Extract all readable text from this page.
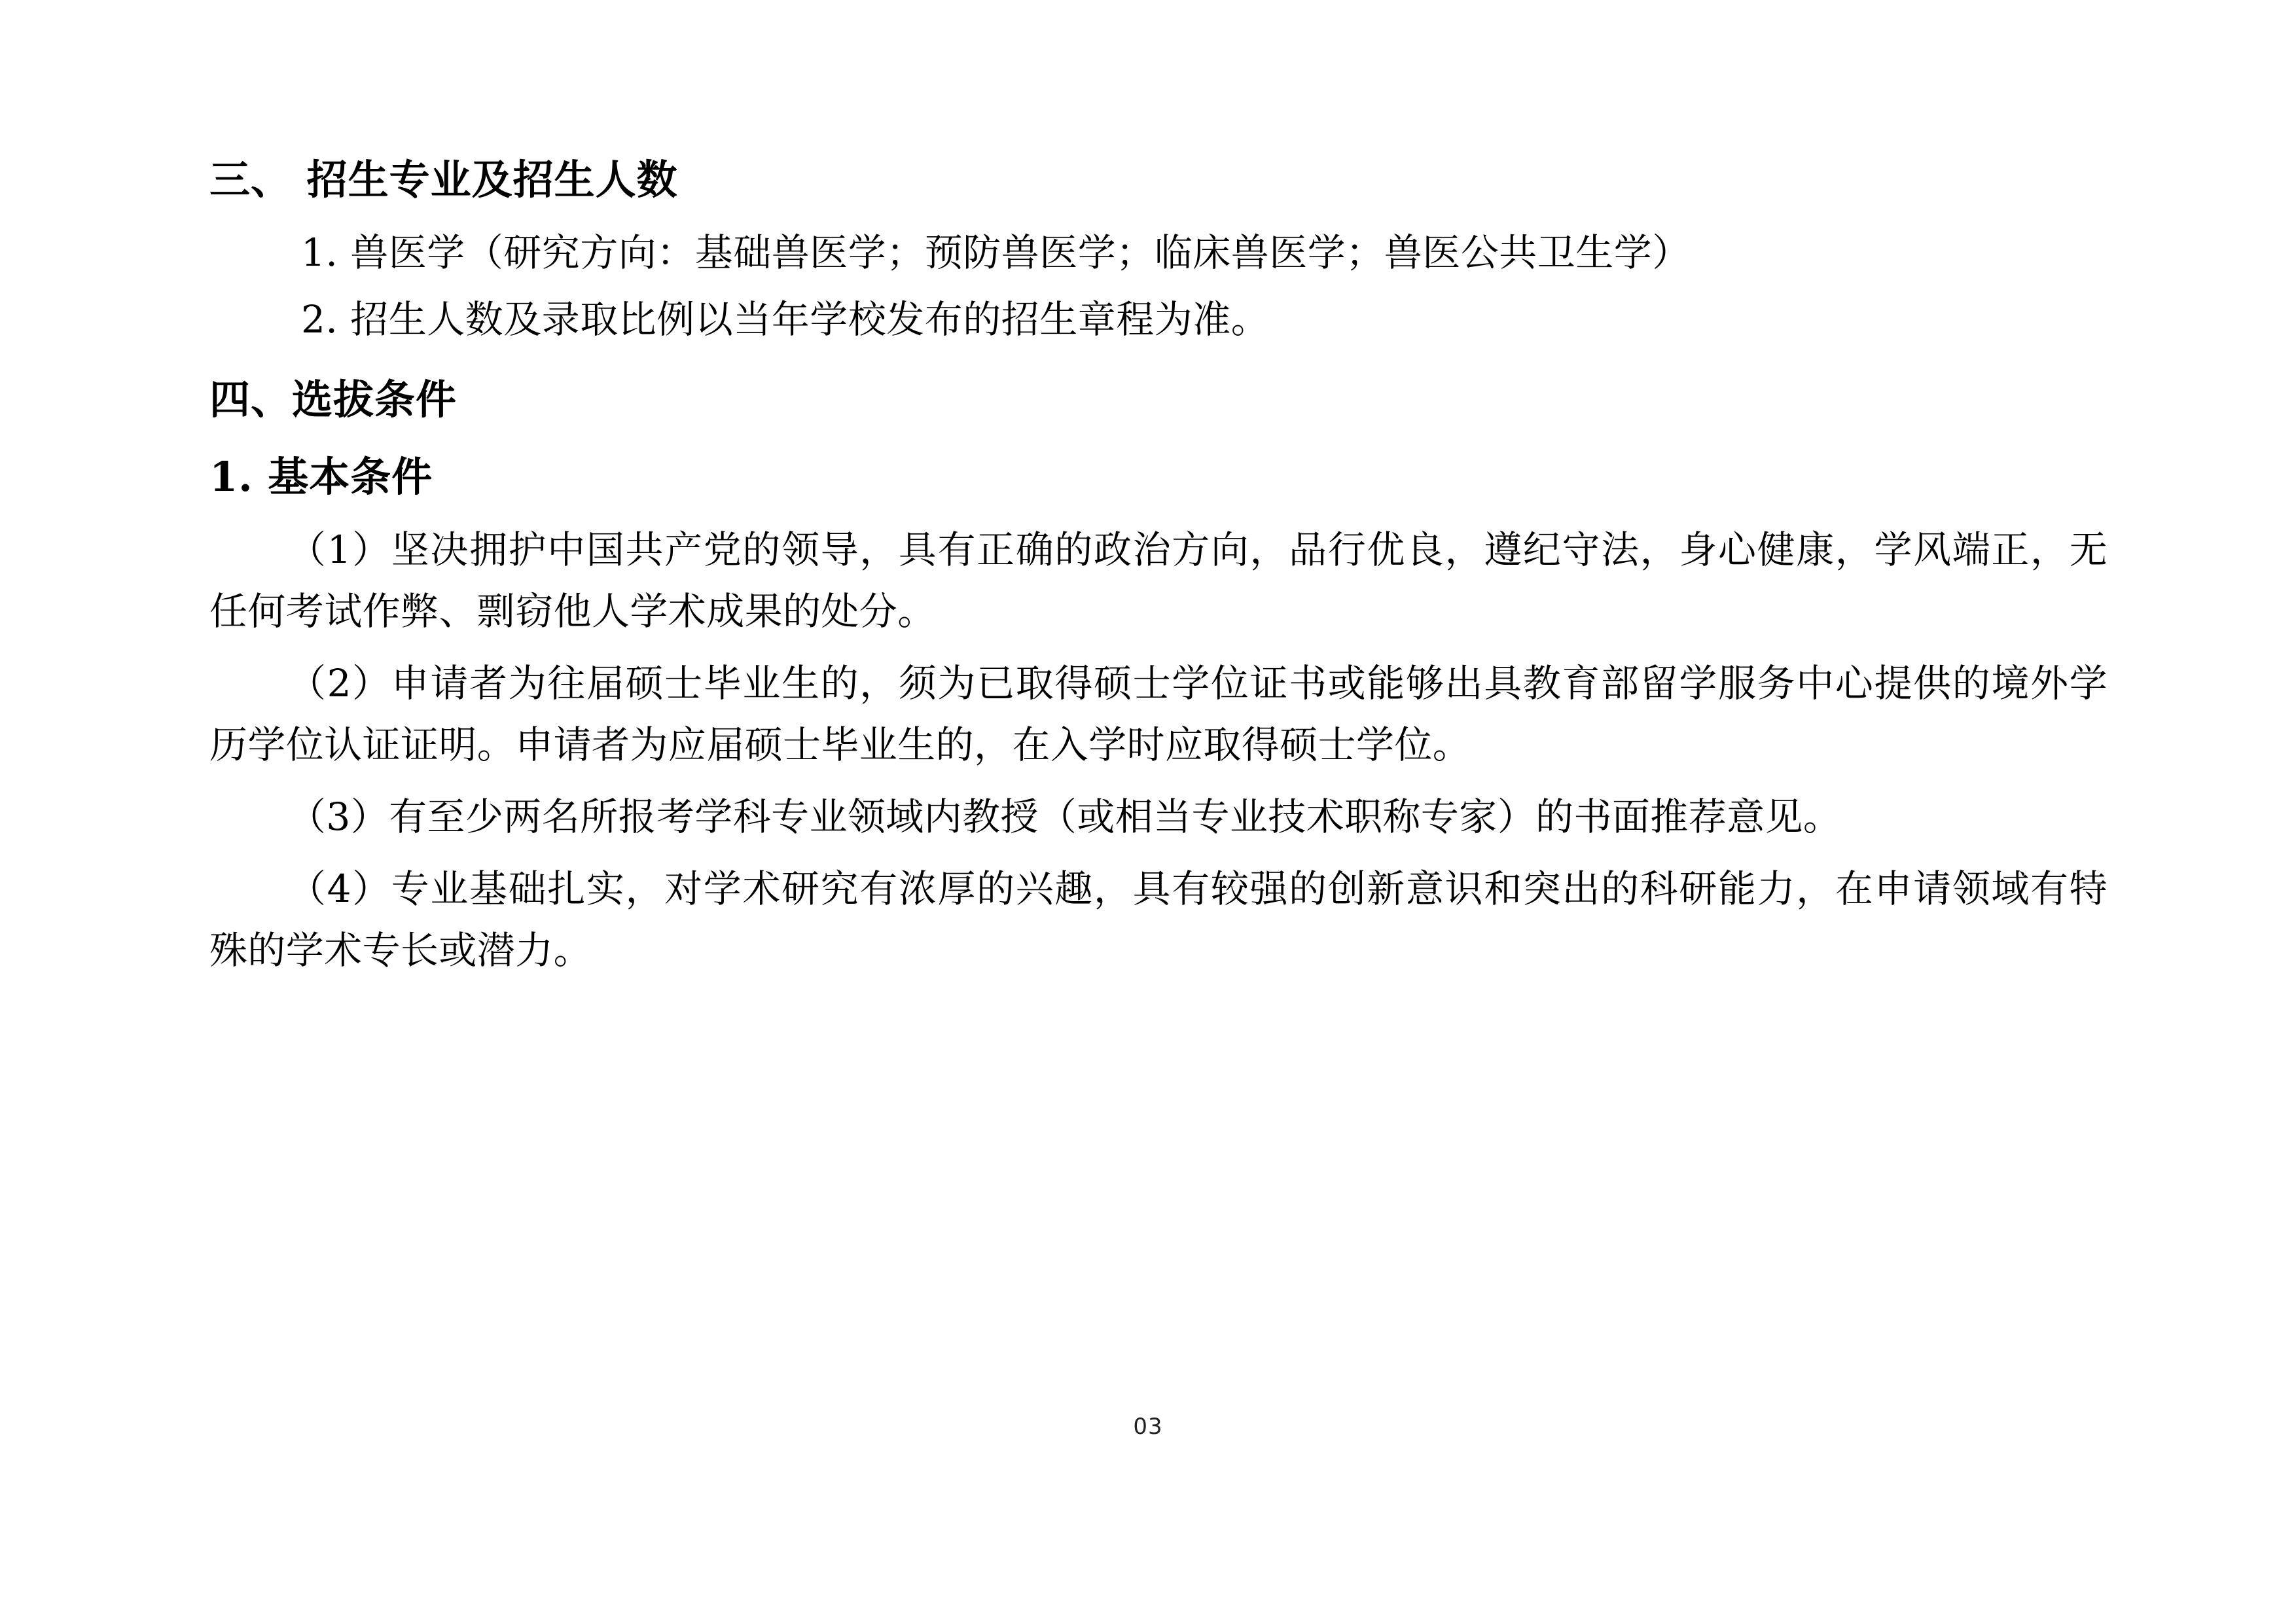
三、 招生专业及招生人数

1. 兽医学（研究方向：基础兽医学；预防兽医学；临床兽医学；兽医公共卫生学）

2. 招生人数及录取比例以当年学校发布的招生章程为准。

四、选拔条件
1. 基本条件

（1）坚决拥护中国共产党的领导，具有正确的政治方向，品行优良，遵纪守法，身心健康，学风端正，无任何考试作弊、剽窃他人学术成果的处分。

（2）申请者为往届硕士毕业生的，须为已取得硕士学位证书或能够出具教育部留学服务中心提供的境外学历学位认证证明。申请者为应届硕士毕业生的，在入学时应取得硕士学位。

（3）有至少两名所报考学科专业领域内教授（或相当专业技术职称专家）的书面推荐意见。

（4）专业基础扎实，对学术研究有浓厚的兴趣，具有较强的创新意识和突出的科研能力，在申请领域有特殊的学术专长或潜力。

03
